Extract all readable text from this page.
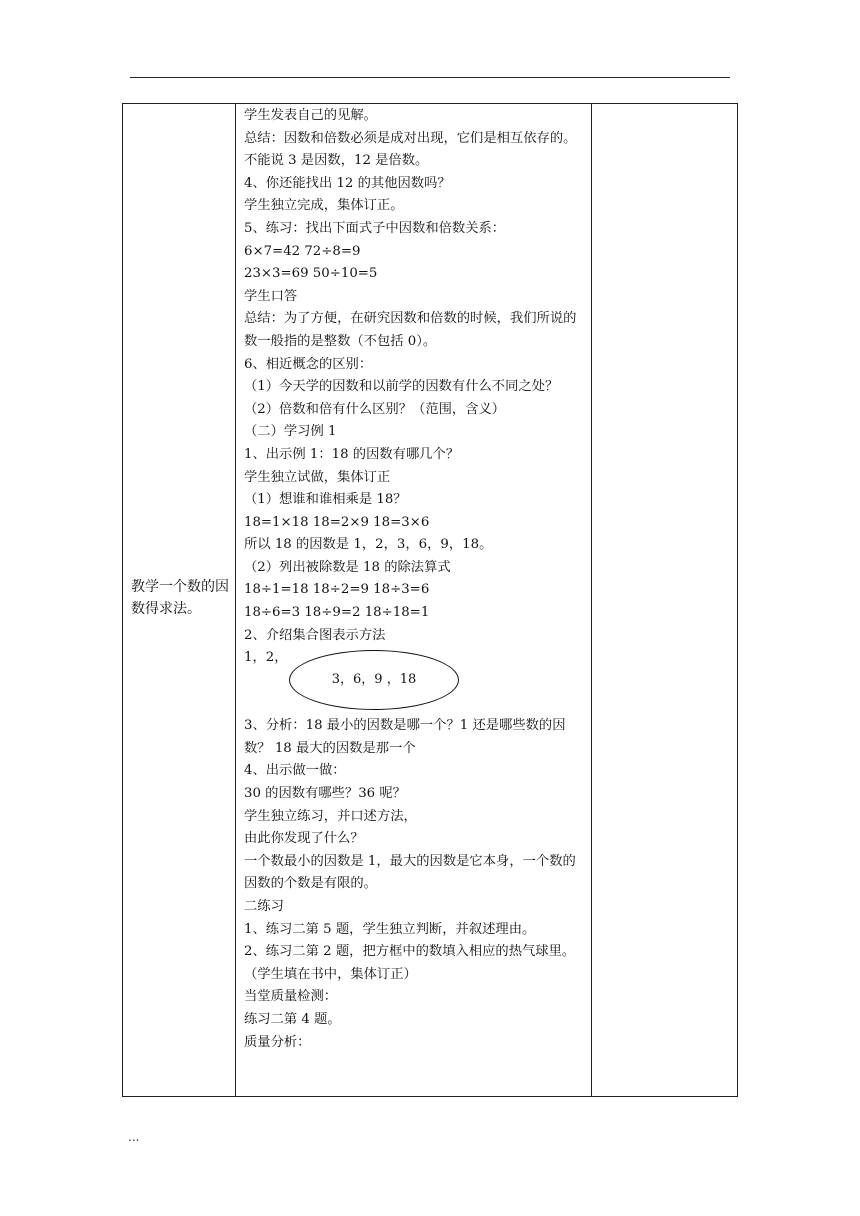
教学一个数的因数得求法。
学生发表自己的见解。
总结：因数和倍数必须是成对出现，它们是相互依存的。不能说 3 是因数，12 是倍数。
4、你还能找出 12 的其他因数吗？
学生独立完成，集体订正。
5、练习：找出下面式子中因数和倍数关系：
6×7=42 72÷8=9
23×3=69 50÷10=5
学生口答
总结：为了方便，在研究因数和倍数的时候，我们所说的数一般指的是整数（不包括 0）。
6、相近概念的区别：
（1）今天学的因数和以前学的因数有什么不同之处？
（2）倍数和倍有什么区别？（范围，含义）
（二）学习例 1
1、出示例 1：18 的因数有哪几个？
学生独立试做，集体订正
（1）想谁和谁相乘是 18？
18=1×18 18=2×9 18=3×6
所以 18 的因数是 1，2，3，6，9，18。
（2）列出被除数是 18 的除法算式
18÷1=18 18÷2=9 18÷3=6
18÷6=3 18÷9=2 18÷18=1
2、介绍集合图表示方法
1，2，
3，6，9 ，18
3、分析：18 最小的因数是哪一个？1 还是哪些数的因数？ 18 最大的因数是那一个
4、出示做一做：
30 的因数有哪些？36 呢？
学生独立练习，并口述方法，
由此你发现了什么？
一个数最小的因数是 1，最大的因数是它本身，一个数的因数的个数是有限的。
二练习
1、练习二第 5 题，学生独立判断，并叙述理由。
2、练习二第 2 题，把方框中的数填入相应的热气球里。（学生填在书中，集体订正）
当堂质量检测：
练习二第 4 题。
质量分析：
...
